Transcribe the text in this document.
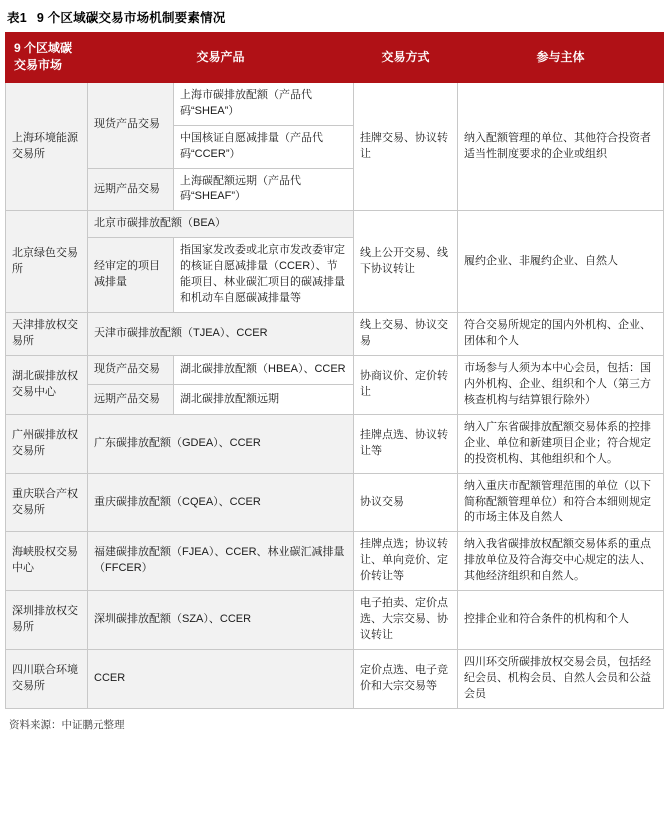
表1 9 个区域碳交易市场机制要素情况
9 个区域碳
交易市场	交易产品		交易方式	参与主体
上海环境能源交易所	现货产品交易	上海市碳排放配额（产品代码“SHEA”）	挂牌交易、协议转让	纳入配额管理的单位、其他符合投资者适当性制度要求的企业或组织
		中国核证自愿减排量（产品代码“CCER”）		
	远期产品交易	上海碳配额远期（产品代码“SHEAF”）		
北京绿色交易所	北京市碳排放配额（BEA）		线上公开交易、线下协议转让	履约企业、非履约企业、自然人
	经审定的项目减排量	指国家发改委或北京市发改委审定的核证自愿减排量（CCER）、节能项目、林业碳汇项目的碳减排量和机动车自愿碳减排量等		
天津排放权交易所	天津市碳排放配额（TJEA）、CCER		线上交易、协议交易	符合交易所规定的国内外机构、企业、团体和个人
湖北碳排放权交易中心	现货产品交易	湖北碳排放配额（HBEA）、CCER	协商议价、定价转让	市场参与人须为本中心会员，包括：国内外机构、企业、组织和个人（第三方核查机构与结算银行除外）
	远期产品交易	湖北碳排放配额远期		
广州碳排放权交易所	广东碳排放配额（GDEA）、CCER		挂牌点选、协议转让等	纳入广东省碳排放配额交易体系的控排企业、单位和新建项目企业；符合规定的投资机构、其他组织和个人。
重庆联合产权交易所	重庆碳排放配额（CQEA）、CCER		协议交易	纳入重庆市配额管理范围的单位（以下简称配额管理单位）和符合本细则规定的市场主体及自然人
海峡股权交易中心	福建碳排放配额（FJEA）、CCER、林业碳汇减排量（FFCER）		挂牌点选；协议转让、单向竞价、定价转让等	纳入我省碳排放权配额交易体系的重点排放单位及符合海交中心规定的法人、其他经济组织和自然人。
深圳排放权交易所	深圳碳排放配额（SZA）、CCER		电子拍卖、定价点选、大宗交易、协议转让	控排企业和符合条件的机构和个人
四川联合环境交易所	CCER		定价点选、电子竞价和大宗交易等	四川环交所碳排放权交易会员，包括经纪会员、机构会员、自然人会员和公益会员
资料来源：中证鹏元整理
